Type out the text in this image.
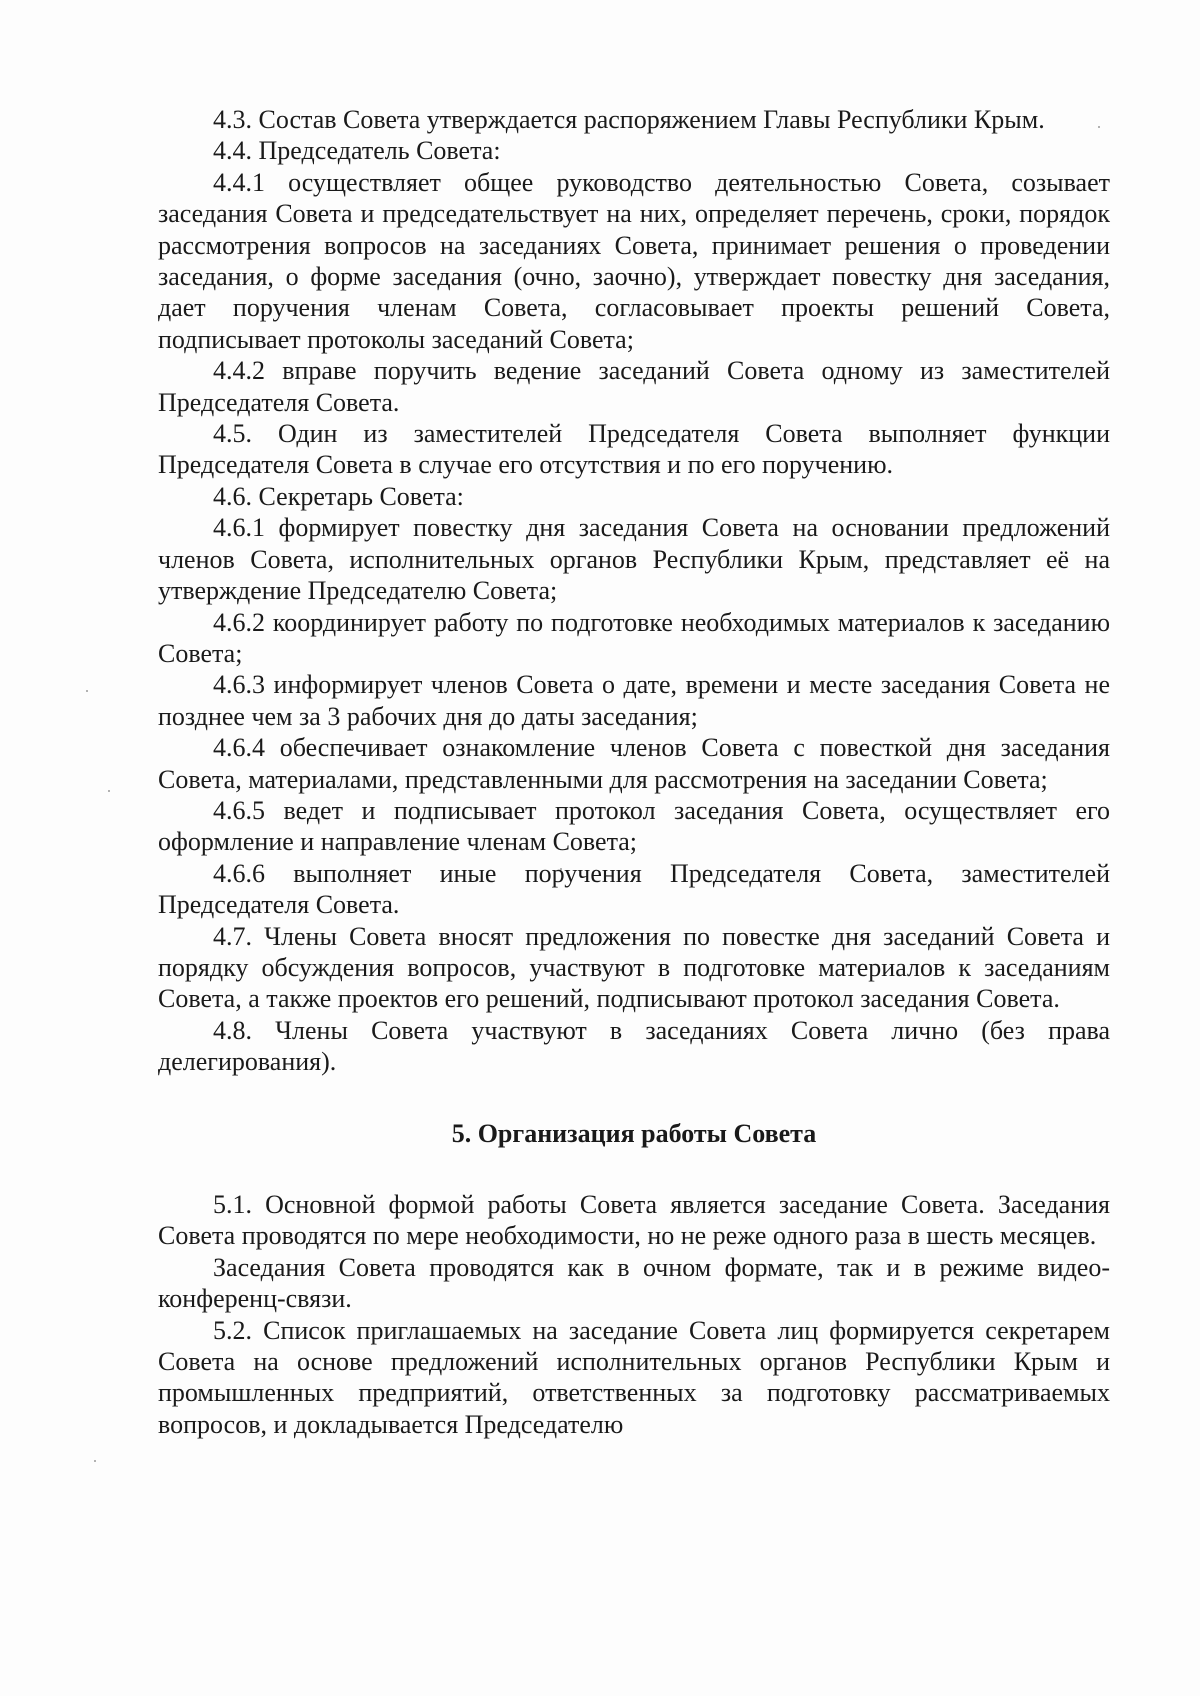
4.3. Состав Совета утверждается распоряжением Главы Республики Крым.

4.4. Председатель Совета:

4.4.1 осуществляет общее руководство деятельностью Совета, созывает заседания Совета и председательствует на них, определяет перечень, сроки, порядок рассмотрения вопросов на заседаниях Совета, принимает решения о проведении заседания, о форме заседания (очно, заочно), утверждает повестку дня заседания, дает поручения членам Совета, согласовывает проекты решений Совета, подписывает протоколы заседаний Совета;

4.4.2 вправе поручить ведение заседаний Совета одному из заместителей Председателя Совета.

4.5. Один из заместителей Председателя Совета выполняет функции Председателя Совета в случае его отсутствия и по его поручению.

4.6. Секретарь Совета:

4.6.1 формирует повестку дня заседания Совета на основании предложений членов Совета, исполнительных органов Республики Крым, представляет её на утверждение Председателю Совета;

4.6.2 координирует работу по подготовке необходимых материалов к заседанию Совета;

4.6.3 информирует членов Совета о дате, времени и месте заседания Совета не позднее чем за 3 рабочих дня до даты заседания;

4.6.4 обеспечивает ознакомление членов Совета с повесткой дня заседания Совета, материалами, представленными для рассмотрения на заседании Совета;

4.6.5 ведет и подписывает протокол заседания Совета, осуществляет его оформление и направление членам Совета;

4.6.6 выполняет иные поручения Председателя Совета, заместителей Председателя Совета.

4.7. Члены Совета вносят предложения по повестке дня заседаний Совета и порядку обсуждения вопросов, участвуют в подготовке материалов к заседаниям Совета, а также проектов его решений, подписывают протокол заседания Совета.

4.8. Члены Совета участвуют в заседаниях Совета лично (без права делегирования).

5. Организация работы Совета

5.1. Основной формой работы Совета является заседание Совета. Заседания Совета проводятся по мере необходимости, но не реже одного раза в шесть месяцев.

Заседания Совета проводятся как в очном формате, так и в режиме видео-конференц-связи.

5.2. Список приглашаемых на заседание Совета лиц формируется секретарем Совета на основе предложений исполнительных органов Республики Крым и промышленных предприятий, ответственных за подготовку рассматриваемых вопросов, и докладывается Председателю
